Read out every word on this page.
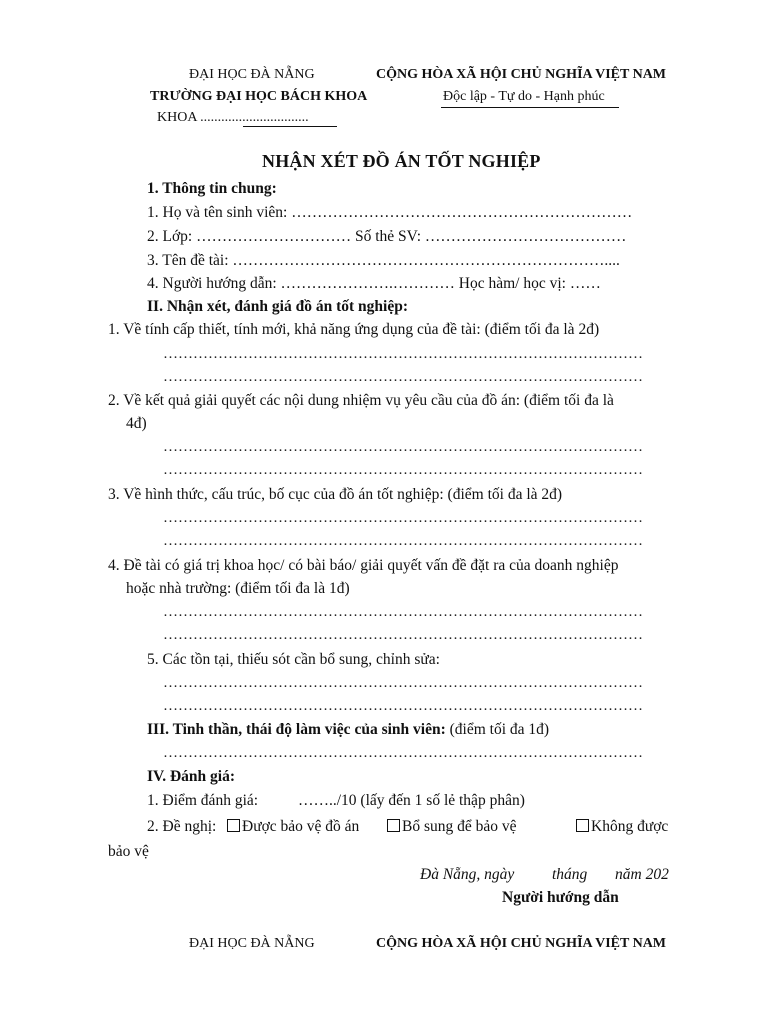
ĐẠI HỌC ĐÀ NẴNG
TRƯỜNG ĐẠI HỌC BÁCH KHOA
KHOA ...............................
CỘNG HÒA XÃ HỘI CHỦ NGHĨA VIỆT NAM
Độc lập - Tự do - Hạnh phúc
NHẬN XÉT ĐỒ ÁN TỐT NGHIỆP
1. Thông tin chung:
1. Họ và tên sinh viên: …………………………………………………………
2. Lớp: ………………………… Số thẻ SV: …………………………………
3. Tên đề tài: ………………………………………………………………....
4. Người hướng dẫn: ………………….………… Học hàm/ học vị: ……
II. Nhận xét, đánh giá đồ án tốt nghiệp:
1. Về tính cấp thiết, tính mới, khả năng ứng dụng của đề tài: (điểm tối đa là 2đ)
……………………………………………………………………………………
……………………………………………………………………………………
2. Về kết quả giải quyết các nội dung nhiệm vụ yêu cầu của đồ án: (điểm tối đa là
4đ)
……………………………………………………………………………………
……………………………………………………………………………………
3. Về hình thức, cấu trúc, bố cục của đồ án tốt nghiệp: (điểm tối đa là 2đ)
……………………………………………………………………………………
……………………………………………………………………………………
4. Đề tài có giá trị khoa học/ có bài báo/ giải quyết vấn đề đặt ra của doanh nghiệp
hoặc nhà trường: (điểm tối đa là 1đ)
……………………………………………………………………………………
……………………………………………………………………………………
5. Các tồn tại, thiếu sót cần bổ sung, chỉnh sửa:
……………………………………………………………………………………
……………………………………………………………………………………
III. Tinh thần, thái độ làm việc của sinh viên: (điểm tối đa 1đ)
……………………………………………………………………………………
IV. Đánh giá:
1. Điểm đánh giá:	……../10 (lấy đến 1 số lẻ thập phân)
2. Đề nghị:	Được bảo vệ đồ án	Bổ sung để bảo vệ	Không được
bảo vệ
Đà Nẵng, ngày tháng năm 202
Người hướng dẫn
ĐẠI HỌC ĐÀ NẴNG	CỘNG HÒA XÃ HỘI CHỦ NGHĨA VIỆT NAM
